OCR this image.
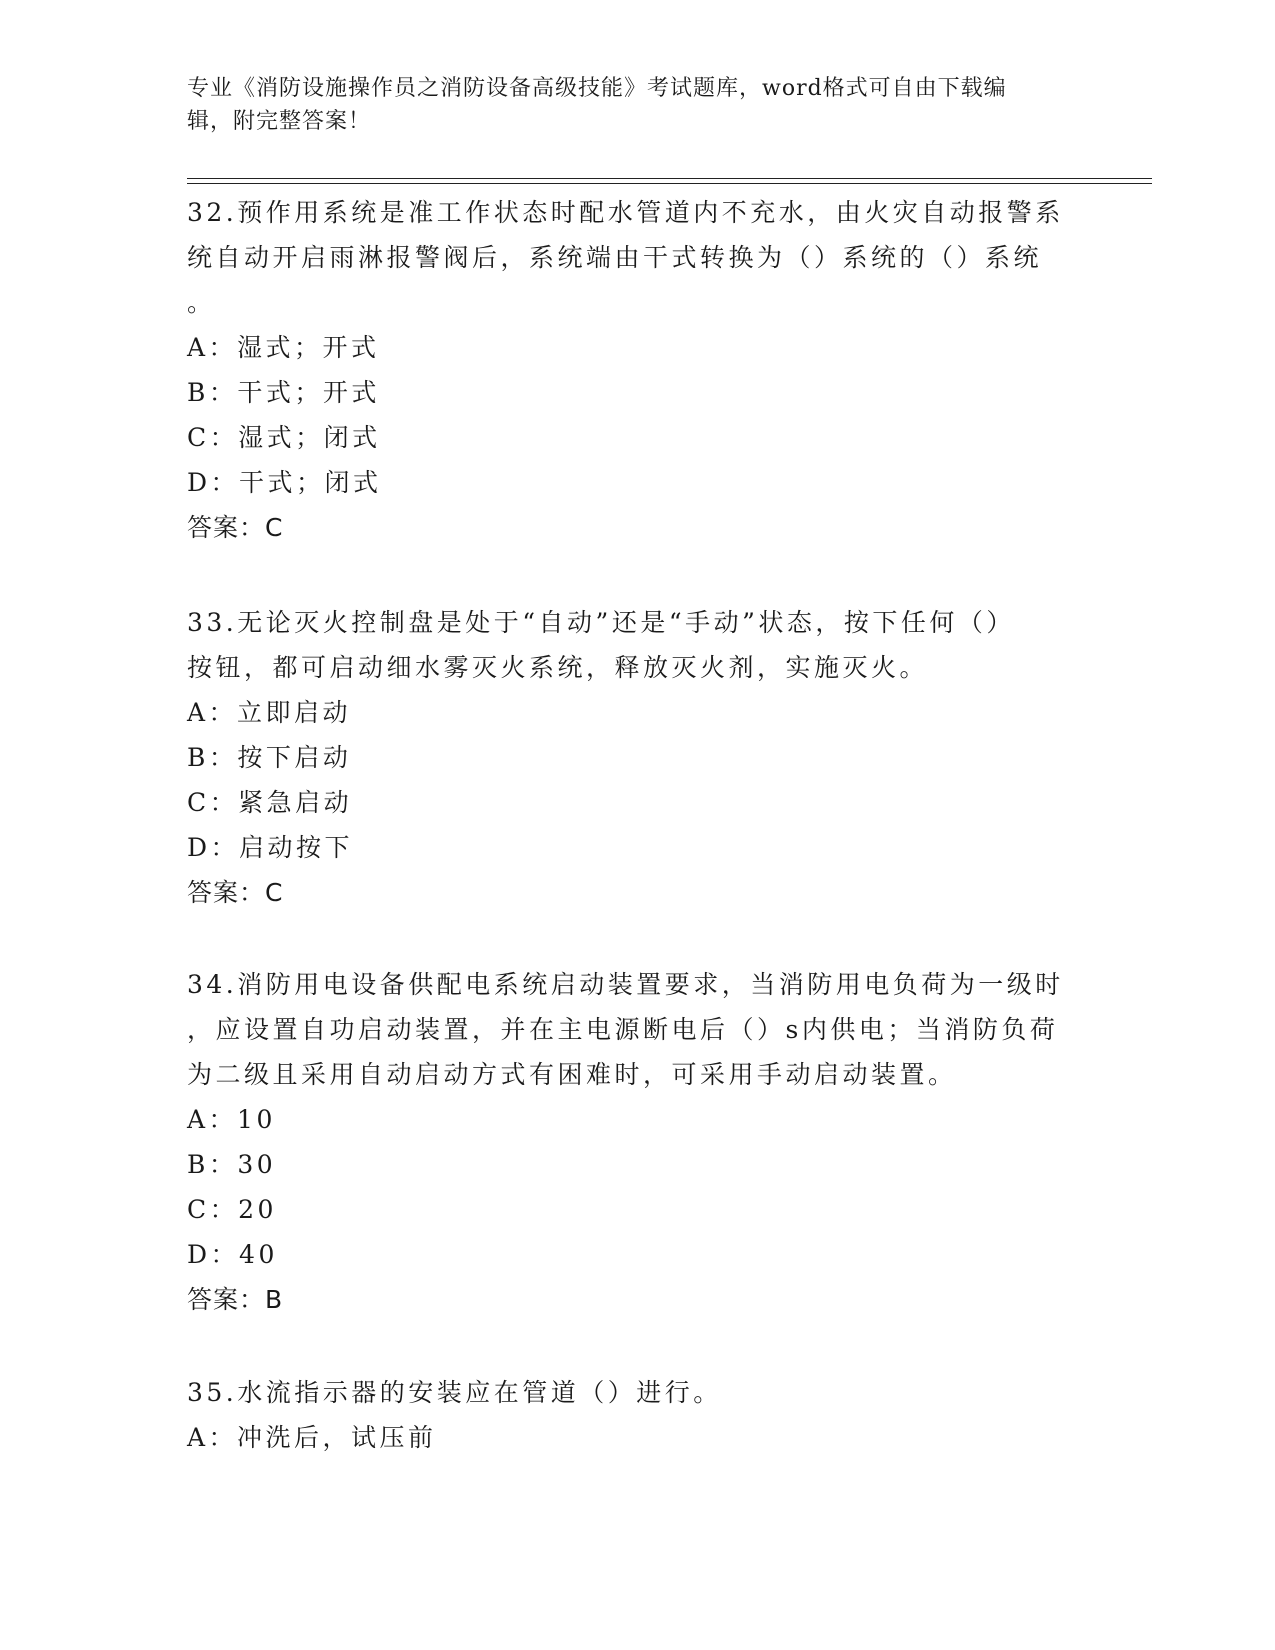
专业《消防设施操作员之消防设备高级技能》考试题库，word格式可自由下载编
辑，附完整答案！
32.预作用系统是准工作状态时配水管道内不充水，由火灾自动报警系
统自动开启雨淋报警阀后，系统端由干式转换为（）系统的（）系统
。
A：湿式；开式
B：干式；开式
C：湿式；闭式
D：干式；闭式
答案：C
33.无论灭火控制盘是处于“自动”还是“手动”状态，按下任何（）
按钮，都可启动细水雾灭火系统，释放灭火剂，实施灭火。
A：立即启动
B：按下启动
C：紧急启动
D：启动按下
答案：C
34.消防用电设备供配电系统启动装置要求，当消防用电负荷为一级时
，应设置自功启动装置，并在主电源断电后（）s内供电；当消防负荷
为二级且采用自动启动方式有困难时，可采用手动启动装置。
A：10
B：30
C：20
D：40
答案：B
35.水流指示器的安装应在管道（）进行。
A：冲洗后，试压前
